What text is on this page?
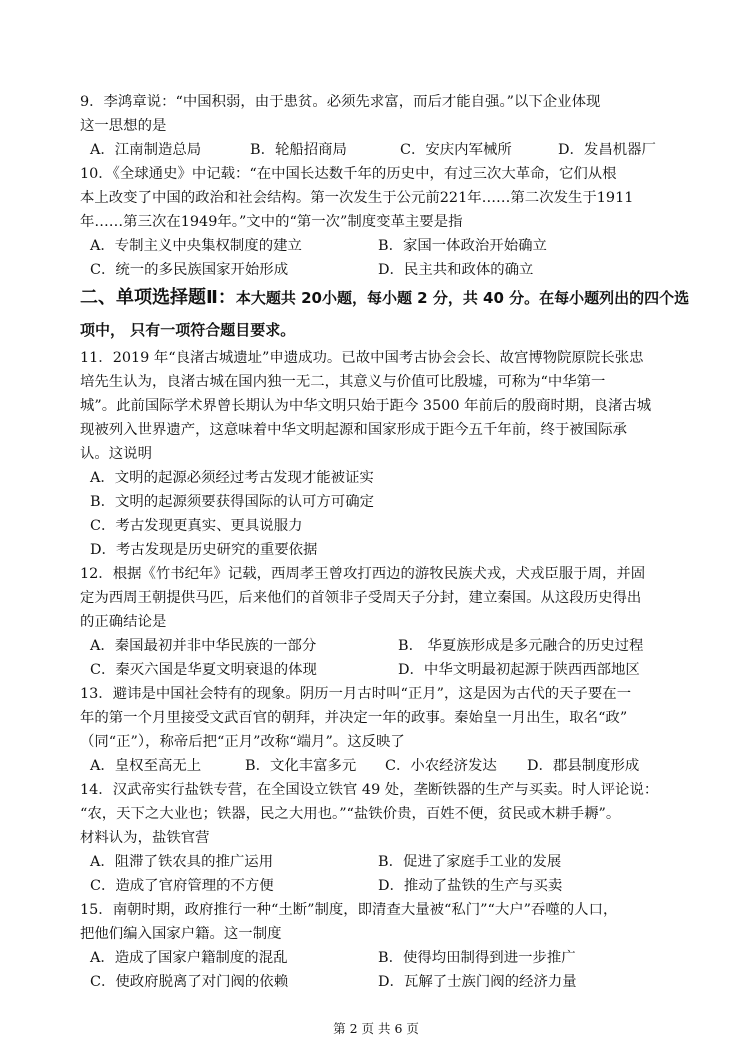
9．李鸿章说：“中国积弱，由于患贫。必须先求富，而后才能自强。”以下企业体现
这一思想的是
A．江南制造总局	B．轮船招商局	C．安庆内军械所	D．发昌机器厂
10．《全球通史》中记载：“在中国长达数千年的历史中，有过三次大革命，它们从根
本上改变了中国的政治和社会结构。第一次发生于公元前221年……第二次发生于1911
年……第三次在1949年。”文中的“第一次”制度变革主要是指
A．专制主义中央集权制度的建立	B．家国一体政治开始确立
C．统一的多民族国家开始形成	D．民主共和政体的确立
二、单项选择题Ⅱ：本大题共 20小题，每小题 2 分，共 40 分。在每小题列出的四个选
项中， 只有一项符合题目要求。
11．2019 年“良渚古城遗址”申遗成功。已故中国考古协会会长、故宫博物院原院长张忠
培先生认为，良渚古城在国内独一无二，其意义与价值可比殷墟，可称为“中华第一
城”。此前国际学术界曾长期认为中华文明只始于距今 3500 年前后的殷商时期，良渚古城
现被列入世界遗产，这意味着中华文明起源和国家形成于距今五千年前，终于被国际承
认。这说明
A．文明的起源必须经过考古发现才能被证实
B．文明的起源须要获得国际的认可方可确定
C．考古发现更真实、更具说服力
D．考古发现是历史研究的重要依据
12．根据《竹书纪年》记载，西周孝王曾攻打西边的游牧民族犬戎，犬戎臣服于周，并固
定为西周王朝提供马匹，后来他们的首领非子受周天子分封，建立秦国。从这段历史得出
的正确结论是
A．秦国最初并非中华民族的一部分	B． 华夏族形成是多元融合的历史过程
C．秦灭六国是华夏文明衰退的体现	D．中华文明最初起源于陕西西部地区
13．避讳是中国社会特有的现象。阴历一月古时叫“正月”，这是因为古代的天子要在一
年的第一个月里接受文武百官的朝拜，并决定一年的政事。秦始皇一月出生，取名“政”
（同“正”），称帝后把“正月”改称“端月”。这反映了
A．皇权至高无上	B．文化丰富多元 C．小农经济发达 D．郡县制度形成
14．汉武帝实行盐铁专营，在全国设立铁官 49 处，垄断铁器的生产与买卖。时人评论说：
“农，天下之大业也；铁器，民之大用也。”“盐铁价贵，百姓不便，贫民或木耕手耨”。
材料认为，盐铁官营
A．阻滞了铁农具的推广运用	B．促进了家庭手工业的发展
C．造成了官府管理的不方便	D．推动了盐铁的生产与买卖
15．南朝时期，政府推行一种“土断”制度，即清查大量被“私门”“大户”吞噬的人口，
把他们编入国家户籍。这一制度
A．造成了国家户籍制度的混乱	B．使得均田制得到进一步推广
C．使政府脱离了对门阀的依赖	D．瓦解了士族门阀的经济力量
第 2 页 共 6 页
